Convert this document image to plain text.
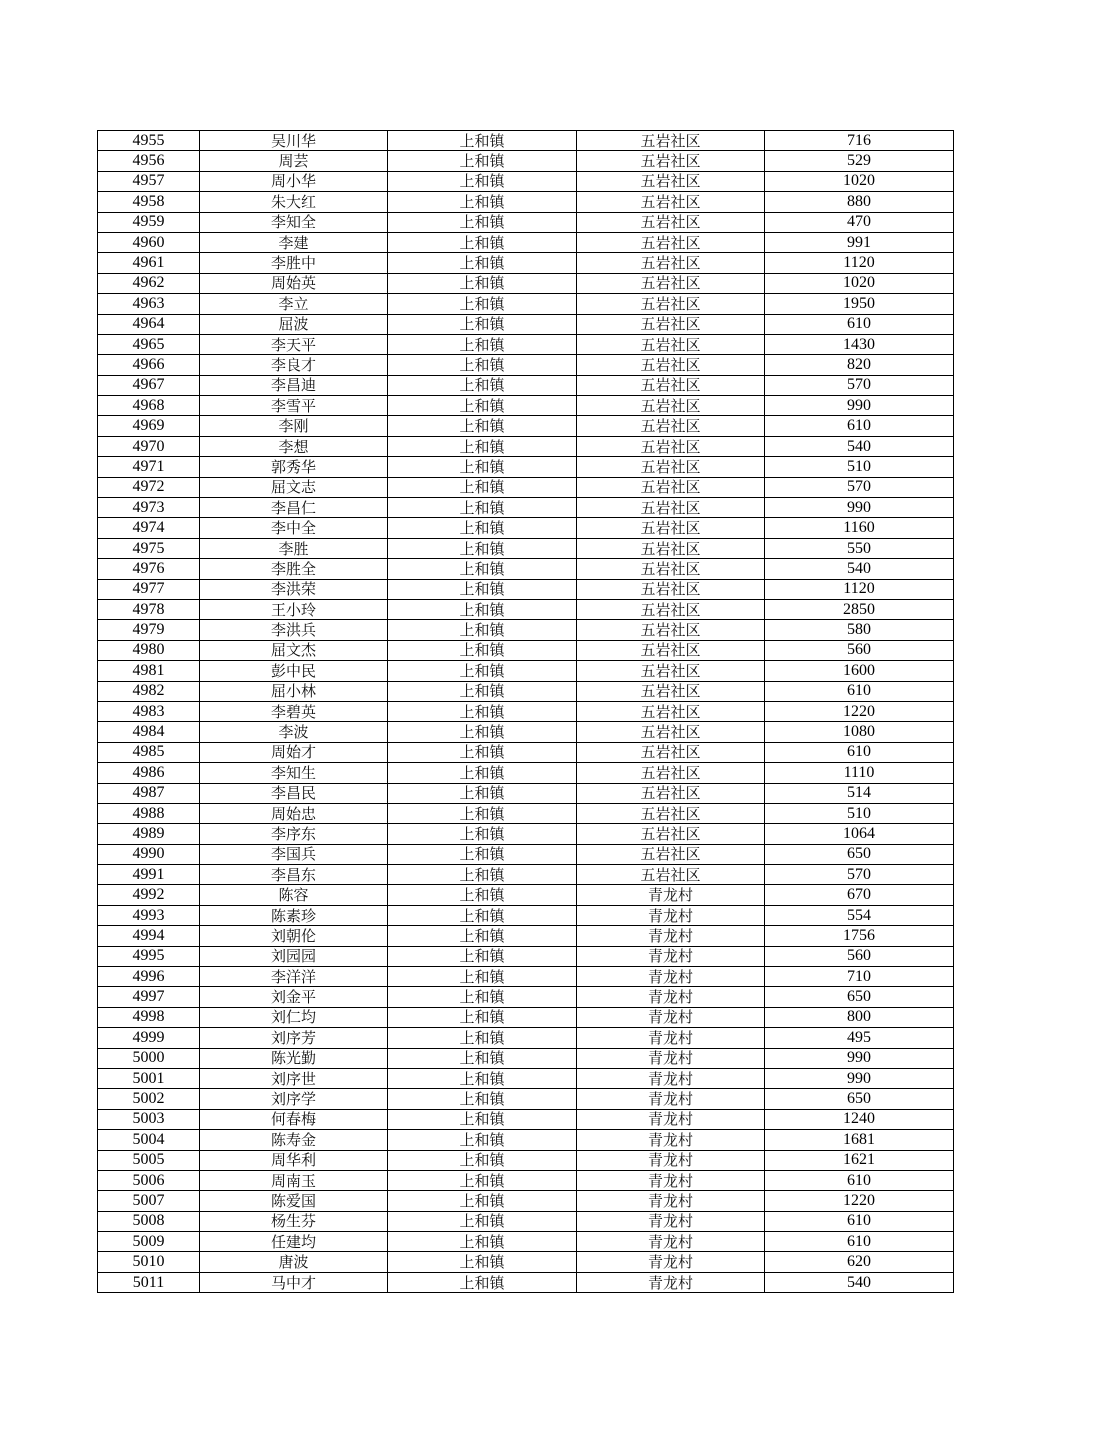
4955	吴川华	上和镇	五岩社区	716
4956	周芸	上和镇	五岩社区	529
4957	周小华	上和镇	五岩社区	1020
4958	朱大红	上和镇	五岩社区	880
4959	李知全	上和镇	五岩社区	470
4960	李建	上和镇	五岩社区	991
4961	李胜中	上和镇	五岩社区	1120
4962	周始英	上和镇	五岩社区	1020
4963	李立	上和镇	五岩社区	1950
4964	屈波	上和镇	五岩社区	610
4965	李天平	上和镇	五岩社区	1430
4966	李良才	上和镇	五岩社区	820
4967	李昌迪	上和镇	五岩社区	570
4968	李雪平	上和镇	五岩社区	990
4969	李刚	上和镇	五岩社区	610
4970	李想	上和镇	五岩社区	540
4971	郭秀华	上和镇	五岩社区	510
4972	屈文志	上和镇	五岩社区	570
4973	李昌仁	上和镇	五岩社区	990
4974	李中全	上和镇	五岩社区	1160
4975	李胜	上和镇	五岩社区	550
4976	李胜全	上和镇	五岩社区	540
4977	李洪荣	上和镇	五岩社区	1120
4978	王小玲	上和镇	五岩社区	2850
4979	李洪兵	上和镇	五岩社区	580
4980	屈文杰	上和镇	五岩社区	560
4981	彭中民	上和镇	五岩社区	1600
4982	屈小林	上和镇	五岩社区	610
4983	李碧英	上和镇	五岩社区	1220
4984	李波	上和镇	五岩社区	1080
4985	周始才	上和镇	五岩社区	610
4986	李知生	上和镇	五岩社区	1110
4987	李昌民	上和镇	五岩社区	514
4988	周始忠	上和镇	五岩社区	510
4989	李序东	上和镇	五岩社区	1064
4990	李国兵	上和镇	五岩社区	650
4991	李昌东	上和镇	五岩社区	570
4992	陈容	上和镇	青龙村	670
4993	陈素珍	上和镇	青龙村	554
4994	刘朝伦	上和镇	青龙村	1756
4995	刘园园	上和镇	青龙村	560
4996	李洋洋	上和镇	青龙村	710
4997	刘金平	上和镇	青龙村	650
4998	刘仁均	上和镇	青龙村	800
4999	刘序芳	上和镇	青龙村	495
5000	陈光勤	上和镇	青龙村	990
5001	刘序世	上和镇	青龙村	990
5002	刘序学	上和镇	青龙村	650
5003	何春梅	上和镇	青龙村	1240
5004	陈寿金	上和镇	青龙村	1681
5005	周华利	上和镇	青龙村	1621
5006	周南玉	上和镇	青龙村	610
5007	陈爱国	上和镇	青龙村	1220
5008	杨生芬	上和镇	青龙村	610
5009	任建均	上和镇	青龙村	610
5010	唐波	上和镇	青龙村	620
5011	马中才	上和镇	青龙村	540
